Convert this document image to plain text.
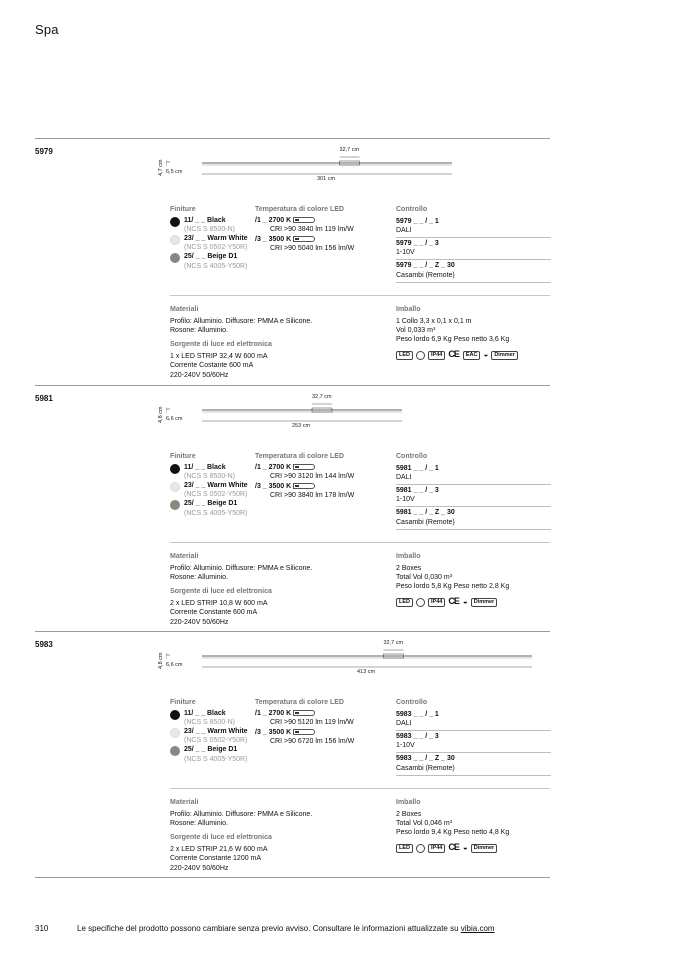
Spa
5979
4,7 cm 6,5 cm
32,7 cm
301 cm
Finiture
11/ _ _ Black
(NCS S 8500-N)
23/ _ _ Warm White
(NCS S 0502-Y50R)
25/ _ _ Beige D1
(NCS S 4005-Y50R)
Temperatura di colore LED
/1 _ 2700 K
CRI >90 3840 lm 119 lm/W
/3 _ 3500 K
CRI >90 5040 lm 156 lm/W
Controllo
5979 _ _ / _ 1
DALI
5979 _ _ / _ 3
1-10V
5979 _ _ / _ Z _ 30
Casambi (Remote)
Materiali
Profilo: Alluminio. Diffusore: PMMA e Silicone.
Rosone: Alluminio.
Sorgente di luce ed elettronica
1 x LED STRIP 32,4 W 600 mA
Corrente Costante 600 mA
220-240V 50/60Hz
Imballo
1 Collo 3,3 x 0,1 x 0,1 m
Vol 0,033 m³
Peso lordo 6,9 Kg Peso netto 3,6 Kg
LED	IP44 CE EAC ◒ Dimmer
5981
4,8 cm 6,6 cm
32,7 cm
253 cm
Finiture
11/ _ _ Black
(NCS S 8500-N)
23/ _ _ Warm White
(NCS S 0502-Y50R)
25/ _ _ Beige D1
(NCS S 4005-Y50R)
Temperatura di colore LED
/1 _ 2700 K
CRI >90 3120 lm 144 lm/W
/3 _ 3500 K
CRI >90 3840 lm 178 lm/W
Controllo
5981 _ _ / _ 1
DALI
5981 _ _ / _ 3
1-10V
5981 _ _ / _ Z _ 30
Casambi (Remote)
Materiali
Profilo: Alluminio. Diffusore: PMMA e Silicone.
Rosone: Alluminio.
Sorgente di luce ed elettronica
2 x LED STRIP 10,8 W 600 mA
Corrente Constante 600 mA
220-240V 50/60Hz
Imballo
2 Boxes
Total Vol 0,030 m³
Peso lordo 5,8 Kg Peso netto 2,8 Kg
LED	IP44 CE ◒ Dimmer
5983
4,8 cm 6,6 cm
32,7 cm
413 cm
Finiture
11/ _ _ Black
(NCS S 8500-N)
23/ _ _ Warm White
(NCS S 0502-Y50R)
25/ _ _ Beige D1
(NCS S 4005-Y50R)
Temperatura di colore LED
/1 _ 2700 K
CRI >90 5120 lm 119 lm/W
/3 _ 3500 K
CRI >90 6720 lm 156 lm/W
Controllo
5983 _ _ / _ 1
DALI
5983 _ _ / _ 3
1-10V
5983 _ _ / _ Z _ 30
Casambi (Remote)
Materiali
Profilo: Alluminio. Diffusore: PMMA e Silicone.
Rosone: Alluminio.
Sorgente di luce ed elettronica
2 x LED STRIP 21,6 W 600 mA
Corrente Constante 1200 mA
220-240V 50/60Hz
Imballo
2 Boxes
Total Vol 0,046 m³
Peso lordo 9,4 Kg Peso netto 4,8 Kg
LED	IP44 CE ◒ Dimmer
310	Le specifiche del prodotto possono cambiare senza previo avviso. Consultare le informazioni attualizzate su vibia.com
